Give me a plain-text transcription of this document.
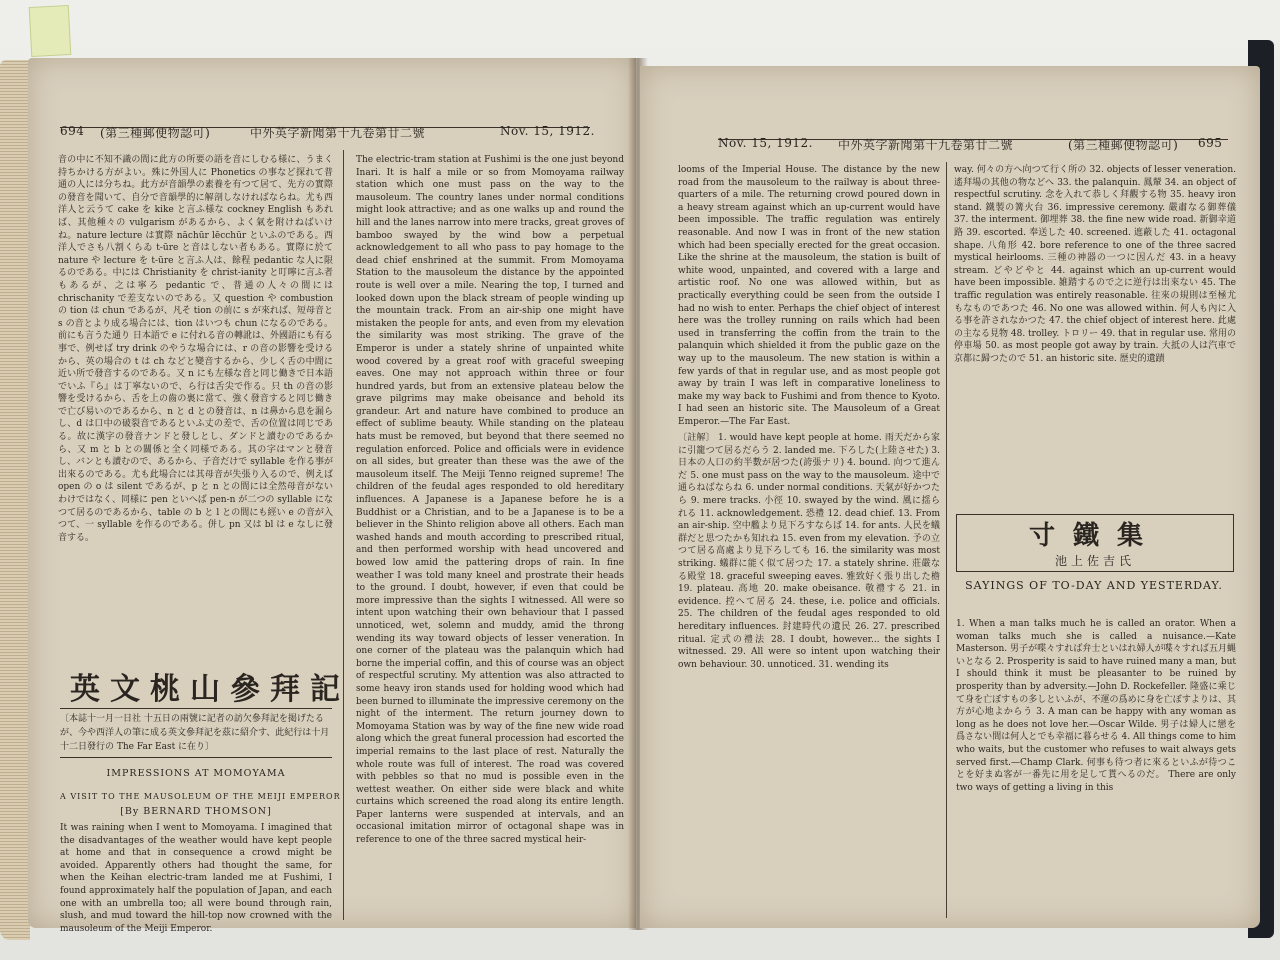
694 (第三種郵便物認可)	中外英字新聞第十九卷第廿二號	Nov. 15, 1912.

音の中に不知不識の間に此方の所要の語を音にしむる様に、うまく持ちかける方がよい。殊に外国人に Phonetics の事など探れて普通の人には分ちね。此方が音韻學の素養を有つて居て、先方の實際の發音を聞いて、自分で音韻學的に解剖しなければならね。尤も西洋人と云うて cake を kike と言ふ様な cockney English もあれば、其他種々の vulgarism があるから、よく氣を附けねばいけね。nature lecture は實際 nāchūr lēcchūr といふのである。西洋人でさも八割くらゐ t-ūre と音はしない者もある。實際に於て nature や lecture を t-ūre と言ふ人は、餘程 pedantic な人に限るのである。中には Christianity を christ-ianity と叮嚀に言ふ者もあるが、之は寧ろ pedantic で、普通の人々の間には chrischanity で差支ないのである。又 question や combustion の tion は chun であるが、凡そ tion の前に s が來れば、短母音と s の音とより成る場合には、tion はいつも chun になるのである。前にも言うた通り 日本語で e に付れる音の轉訛は、外國語にも有る事で、例せば try drink のやうな場合には、r の音の影響を受けるから、英の場合の t は ch などと變音するから、少しく舌の中間に近い所で發音するのである。又 n にも左様な音と同じ働きで日本語でいふ『ら』は丁寧ないので、ら行は舌尖で作る。只 th の音の影響を受けるから、舌を上の齒の裏に當て、強く發音すると同じ働きで亡び易いのであるから、n と d との發音は、n は鼻から息を漏らし、d は口中の破裂音であるといふ丈の差で、舌の位置は同じである。故に漢字の發音ナンドと發しとし、ダンドと讀むのであるから、又 m と b との關係と全く同様である。其の字はマンと發音し、バンとも讀むので、あるから、子音だけで syllable を作る事が出來るのである。尤も此場合には其母音が失張り入るので、例えば open の o は silent であるが、p と n との間には全然母音がないわけではなく、同様に pen といへば pen-n が二つの syllable になつて居るのであるから、table の b と l との間にも經い e の音が入つて、一 syllable を作るのである。併し pn 又は bl は e なしに發音する。

The electric-tram station at Fushimi is the one just beyond Inari. It is half a mile or so from Momoyama railway station which one must pass on the way to the mausoleum. The country lanes under normal conditions might look attractive; and as one walks up and round the hill and the lanes narrow into mere tracks, great groves of bamboo swayed by the wind bow a perpetual acknowledgement to all who pass to pay homage to the dead chief enshrined at the summit. From Momoyama Station to the mausoleum the distance by the appointed route is well over a mile. Nearing the top, I turned and looked down upon the black stream of people winding up the mountain track. From an air-ship one might have mistaken the people for ants, and even from my elevation the similarity was most striking. The grave of the Emperor is under a stately shrine of unpainted white wood covered by a great roof with graceful sweeping eaves. One may not approach within three or four hundred yards, but from an extensive plateau below the grave pilgrims may make obeisance and behold its grandeur. Art and nature have combined to produce an effect of sublime beauty. While standing on the plateau hats must be removed, but beyond that there seemed no regulation enforced. Police and officials were in evidence on all sides, but greater than these was the awe of the mausoleum itself. The Meiji Tenno reigned supreme! The children of the feudal ages responded to old hereditary influences. A Japanese is a Japanese before he is a Buddhist or a Christian, and to be a Japanese is to be a believer in the Shinto religion above all others. Each man washed hands and mouth according to prescribed ritual, and then performed worship with head uncovered and bowed low amid the pattering drops of rain. In fine weather I was told many kneel and prostrate their heads to the ground. I doubt, however, if even that could be more impressive than the sights I witnessed. All were so intent upon watching their own behaviour that I passed unnoticed, wet, solemn and muddy, amid the throng wending its way toward objects of lesser veneration. In one corner of the plateau was the palanquin which had borne the imperial coffin, and this of course was an object of respectful scrutiny. My attention was also attracted to some heavy iron stands used for holding wood which had been burned to illuminate the impressive ceremony on the night of the interment. The return journey down to Momoyama Station was by way of the fine new wide road along which the great funeral procession had escorted the imperial remains to the last place of rest. Naturally the whole route was full of interest. The road was covered with pebbles so that no mud is possible even in the wettest weather. On either side were black and white curtains which screened the road along its entire length. Paper lanterns were suspended at intervals, and an occasional imitation mirror of octagonal shape was in reference to one of the three sacred mystical heir-

英文桃山參拜記
〔本誌十一月一日社 十五日の兩號に記者の訪欠參拜記を掲げたるが、今や西洋人の筆に成る英文參拜記を茲に紹介す、此紀行は十月十二日發行の The Far East に在り〕
IMPRESSIONS AT MOMOYAMA
A VISIT TO THE MAUSOLEUM OF THE MEIJI EMPEROR
[By BERNARD THOMSON]

It was raining when I went to Momoyama. I imagined that the disadvantages of the weather would have kept people at home and that in consequence a crowd might be avoided. Apparently others had thought the same, for when the Keihan electric-tram landed me at Fushimi, I found approximately half the population of Japan, and each one with an umbrella too; all were bound through rain, slush, and mud toward the hill-top now crowned with the mausoleum of the Meiji Emperor.

Nov. 15, 1912. 中外英字新聞第十九卷第廿二號	(第三種郵便物認可) 695

looms of the Imperial House. The distance by the new road from the mausoleum to the railway is about three-quarters of a mile. The returning crowd poured down in a heavy stream against which an up-current would have been impossible. The traffic regulation was entirely reasonable. And now I was in front of the new station which had been specially erected for the great occasion. Like the shrine at the mausoleum, the station is built of white wood, unpainted, and covered with a large and artistic roof. No one was allowed within, but as practically everything could be seen from the outside I had no wish to enter. Perhaps the chief object of interest here was the trolley running on rails which had been used in transferring the coffin from the train to the palanquin which shielded it from the public gaze on the way up to the mausoleum. The new station is within a few yards of that in regular use, and as most people got away by train I was left in comparative loneliness to make my way back to Fushimi and from thence to Kyoto. I had seen an historic site. The Mausoleum of a Great Emperor.—The Far East.

〔註解〕 1. would have kept people at home. 雨天だから家に引籠つて居るだらう 2. landed me. 下ろした(上陸させた) 3. 日本の人口の約半數が居つた(誇張ナリ) 4. bound. 向つて進んだ 5. one must pass on the way to the mausoleum. 途中で通らねばならね 6. under normal conditions. 天氣が好かつたら 9. mere tracks. 小徑 10. swayed by the wind. 風に揺られる 11. acknowledgement. 恐禮 12. dead chief. 13. From an air-ship. 空中艦より見下ろすならば 14. for ants. 人民を蟻群だと思つたかも知れね 15. even from my elevation. 予の立つて居る高處より見下ろしても 16. the similarity was most striking. 蟻群に能く似て居つた 17. a stately shrine. 莊嚴なる殿堂 18. graceful sweeping eaves. 雅致好く張り出した檐 19. plateau. 高地 20. make obeisance. 敬禮する 21. in evidence. 控へて居る 24. these, i.e. police and officials. 25. The children of the feudal ages responded to old hereditary influences. 封建時代の遺民 26. 27. prescribed ritual. 定式の禮法 28. I doubt, however... the sights I witnessed. 29. All were so intent upon watching their own behaviour. 30. unnoticed. 31. wending its

way. 何々の方へ向つて行く所の 32. objects of lesser veneration. 遙拜場の其他の物などへ 33. the palanquin. 鳳輦 34. an object of respectful scrutiny. 念を入れて恭しく拜觀する物 35. heavy iron stand. 鐵製の篝火台 36. impressive ceremony. 嚴肅なる御葬儀 37. the interment. 御埋葬 38. the fine new wide road. 新御幸道路 39. escorted. 奉送した 40. screened. 遮蔽した 41. octagonal shape. 八角形 42. bore reference to one of the three sacred mystical heirlooms. 三種の神器の一つに因んだ 43. in a heavy stream. どやどやと 44. against which an up-current would have been impossible. 雑踏するので之に逆行は出來ない 45. The traffic regulation was entirely reasonable. 往來の規則は至極尤もなものであつた 46. No one was allowed within. 何人も內に入る事を許されなかつた 47. the chief object of interest here. 此處の主なる見物 48. trolley. トロリー 49. that in regular use. 常用の停車場 50. as most people got away by train. 大抵の人は汽車で京都に歸つたので 51. an historic site. 歴史的遺蹟

寸鐵集
池上佐吉氏
SAYINGS OF TO-DAY AND YESTERDAY.

1. When a man talks much he is called an orator. When a woman talks much she is called a nuisance.—Kate Masterson. 男子が喋々すれば弁士といはれ婦人が喋々すれば五月蝿いとなる 2. Prosperity is said to have ruined many a man, but I should think it must be pleasanter to be ruined by prosperity than by adversity.—John D. Rockefeller. 隆盛に乘じて身を亡ぼすもの多しといふが、不運の爲めに身を亡ぼすよりは、其方が心地よからう 3. A man can be happy with any woman as long as he does not love her.—Oscar Wilde. 男子は婦人に戀を爲さない間は何人とでも幸福に暮らせる 4. All things come to him who waits, but the customer who refuses to wait always gets served first.—Champ Clark. 何事も待つ者に來るといふが待つことを好まぬ客が一番先に用を足して貰へるのだ。 There are only two ways of getting a living in this
